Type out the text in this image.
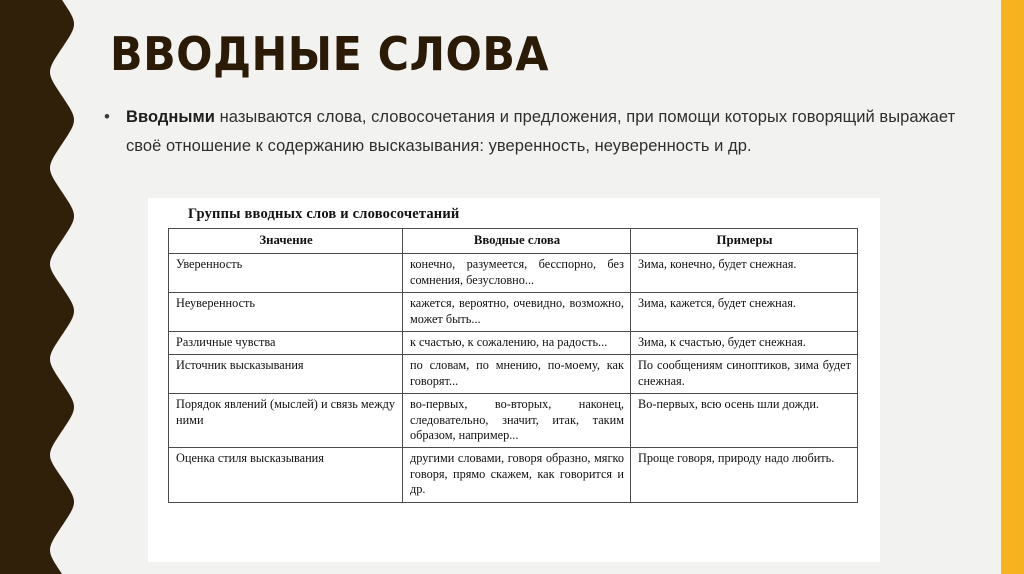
ВВОДНЫЕ СЛОВА
• Вводными называются слова, словосочетания и предложения, при помощи которых говорящий выражает своё отношение к содержанию высказывания: уверенность, неуверенность и др.
Группы вводных слов и словосочетаний
Значение	Вводные слова	Примеры
Уверенность	конечно, разумеется, бесспорно, без сомнения, безусловно...	Зима, конечно, будет снежная.
Неуверенность	кажется, вероятно, очевидно, возможно, может быть...	Зима, кажется, будет снежная.
Различные чувства	к счастью, к сожалению, на радость...	Зима, к счастью, будет снежная.
Источник высказывания	по словам, по мнению, по-моему, как говорят...	По сообщениям синоптиков, зима будет снежная.
Порядок явлений (мыслей) и связь между ними	во-первых, во-вторых, наконец, следовательно, значит, итак, таким образом, например...	Во-первых, всю осень шли дожди.
Оценка стиля высказывания	другими словами, говоря образно, мягко говоря, прямо скажем, как говорится и др.	Проще говоря, природу надо любить.
